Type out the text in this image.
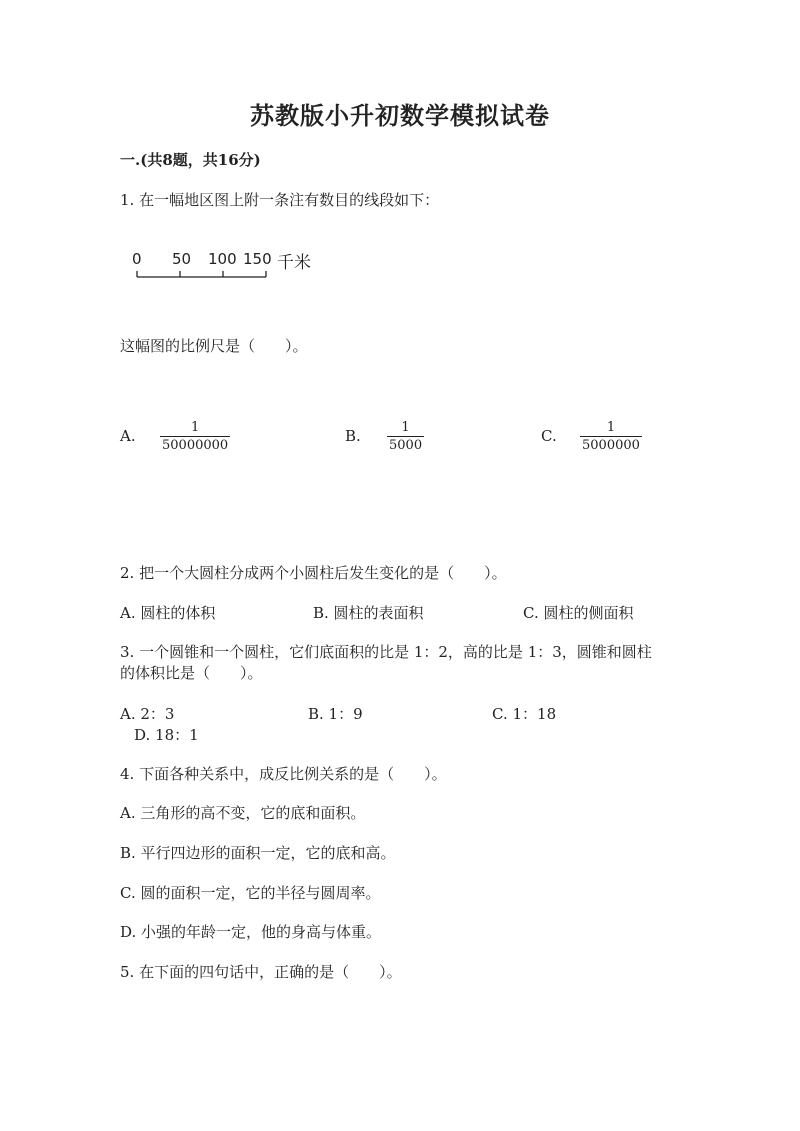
苏教版小升初数学模拟试卷
一.(共8题，共16分)
1. 在一幅地区图上附一条注有数目的线段如下：
0 50 100 150 千米
这幅图的比例尺是（　　）。
A. $\frac{1}{50000000}$	B. $\frac{1}{5000}$	C. $\frac{1}{5000000}$
2. 把一个大圆柱分成两个小圆柱后发生变化的是（　　）。
A. 圆柱的体积	B. 圆柱的表面积	C. 圆柱的侧面积
3. 一个圆锥和一个圆柱，它们底面积的比是 1：2，高的比是 1：3，圆锥和圆柱
的体积比是（　　）。
A. 2：3	B. 1：9	C. 1：18
D. 18：1
4. 下面各种关系中，成反比例关系的是（　　）。
A. 三角形的高不变，它的底和面积。
B. 平行四边形的面积一定，它的底和高。
C. 圆的面积一定，它的半径与圆周率。
D. 小强的年龄一定，他的身高与体重。
5. 在下面的四句话中，正确的是（　　）。
